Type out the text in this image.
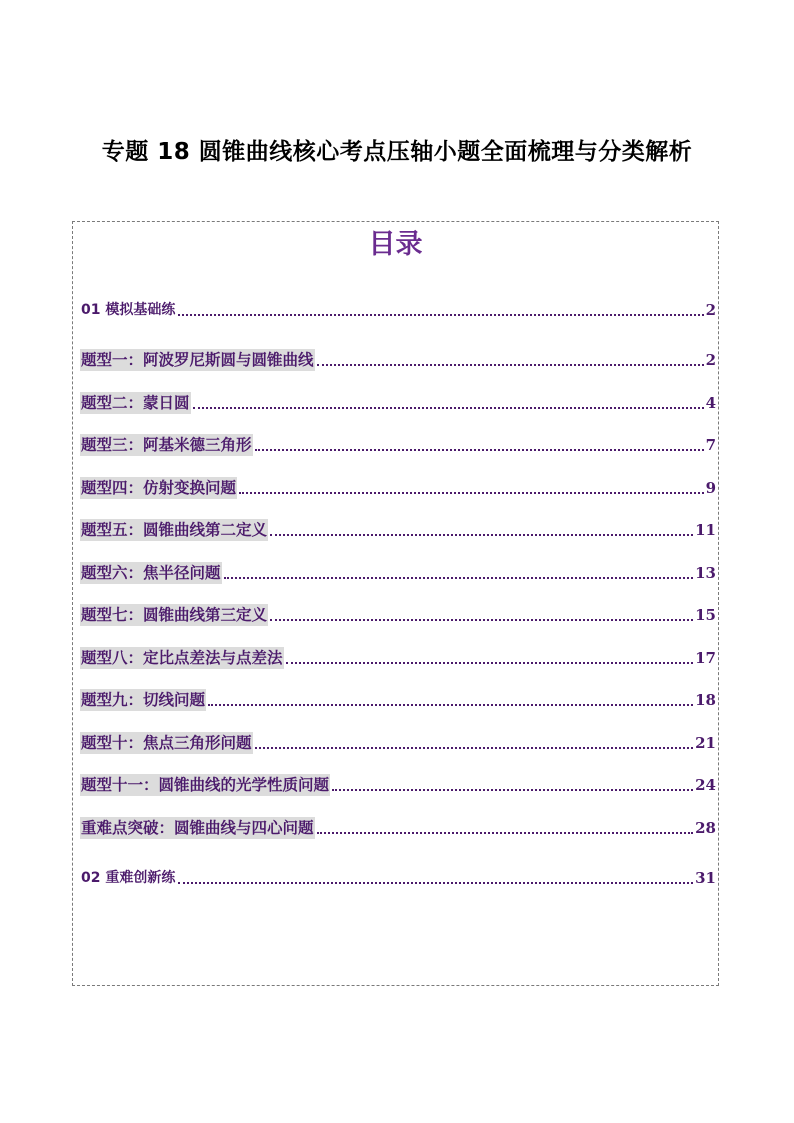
专题 18 圆锥曲线核心考点压轴小题全面梳理与分类解析
目录
01 模拟基础练	2
题型一：阿波罗尼斯圆与圆锥曲线	2
题型二：蒙日圆	4
题型三：阿基米德三角形	7
题型四：仿射变换问题	9
题型五：圆锥曲线第二定义	11
题型六：焦半径问题	13
题型七：圆锥曲线第三定义	15
题型八：定比点差法与点差法	17
题型九：切线问题	18
题型十：焦点三角形问题	21
题型十一：圆锥曲线的光学性质问题	24
重难点突破：圆锥曲线与四心问题	28
02 重难创新练	31
